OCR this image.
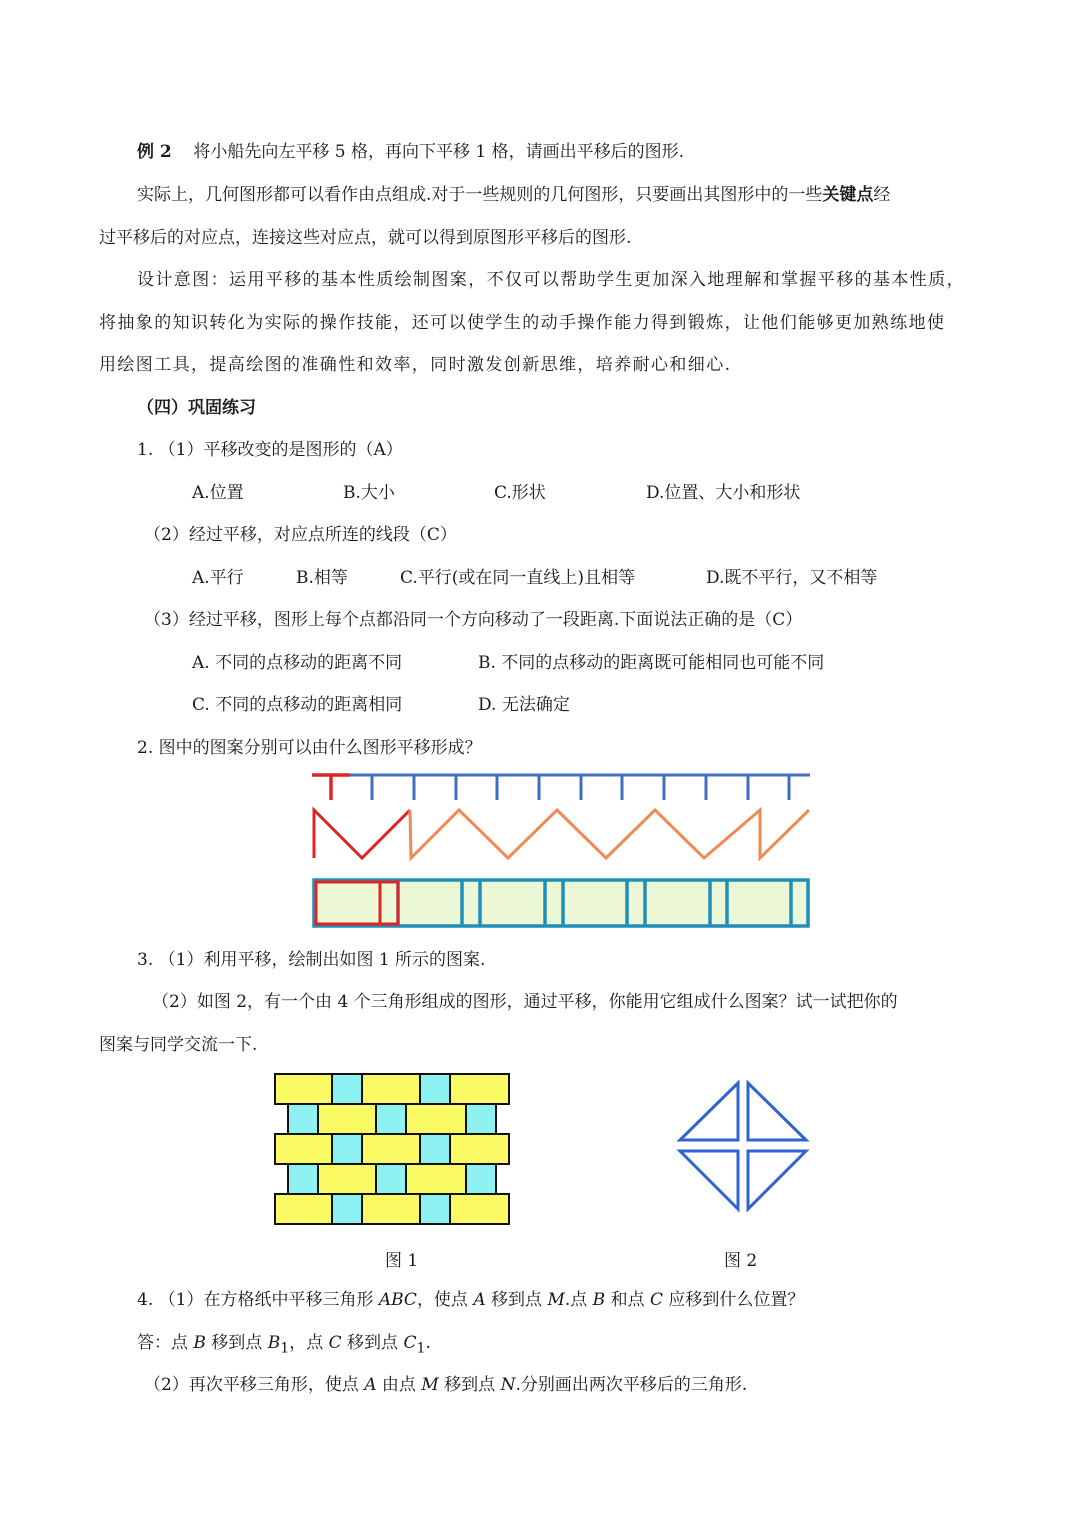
例 2 将小船先向左平移 5 格，再向下平移 1 格，请画出平移后的图形.
实际上，几何图形都可以看作由点组成.对于一些规则的几何图形，只要画出其图形中的一些关键点经
过平移后的对应点，连接这些对应点，就可以得到原图形平移后的图形.
设计意图：运用平移的基本性质绘制图案，不仅可以帮助学生更加深入地理解和掌握平移的基本性质，
将抽象的知识转化为实际的操作技能，还可以使学生的动手操作能力得到锻炼，让他们能够更加熟练地使
用绘图工具，提高绘图的准确性和效率，同时激发创新思维，培养耐心和细心.
（四）巩固练习
1. （1）平移改变的是图形的（A）
A.位置	B.大小	C.形状	D.位置、大小和形状
（2）经过平移，对应点所连的线段（C）
A.平行	B.相等	C.平行(或在同一直线上)且相等	D.既不平行，又不相等
（3）经过平移，图形上每个点都沿同一个方向移动了一段距离.下面说法正确的是（C）
A. 不同的点移动的距离不同	B. 不同的点移动的距离既可能相同也可能不同
C. 不同的点移动的距离相同	D. 无法确定
2. 图中的图案分别可以由什么图形平移形成？
3. （1）利用平移，绘制出如图 1 所示的图案.
（2）如图 2，有一个由 4 个三角形组成的图形，通过平移，你能用它组成什么图案？试一试把你的
图案与同学交流一下.
图 1	图 2
4. （1）在方格纸中平移三角形 ABC，使点 A 移到点 M.点 B 和点 C 应移到什么位置？
答：点 B 移到点 $B_1$，点 C 移到点 $C_1$.
（2）再次平移三角形，使点 A 由点 M 移到点 N.分别画出两次平移后的三角形.
